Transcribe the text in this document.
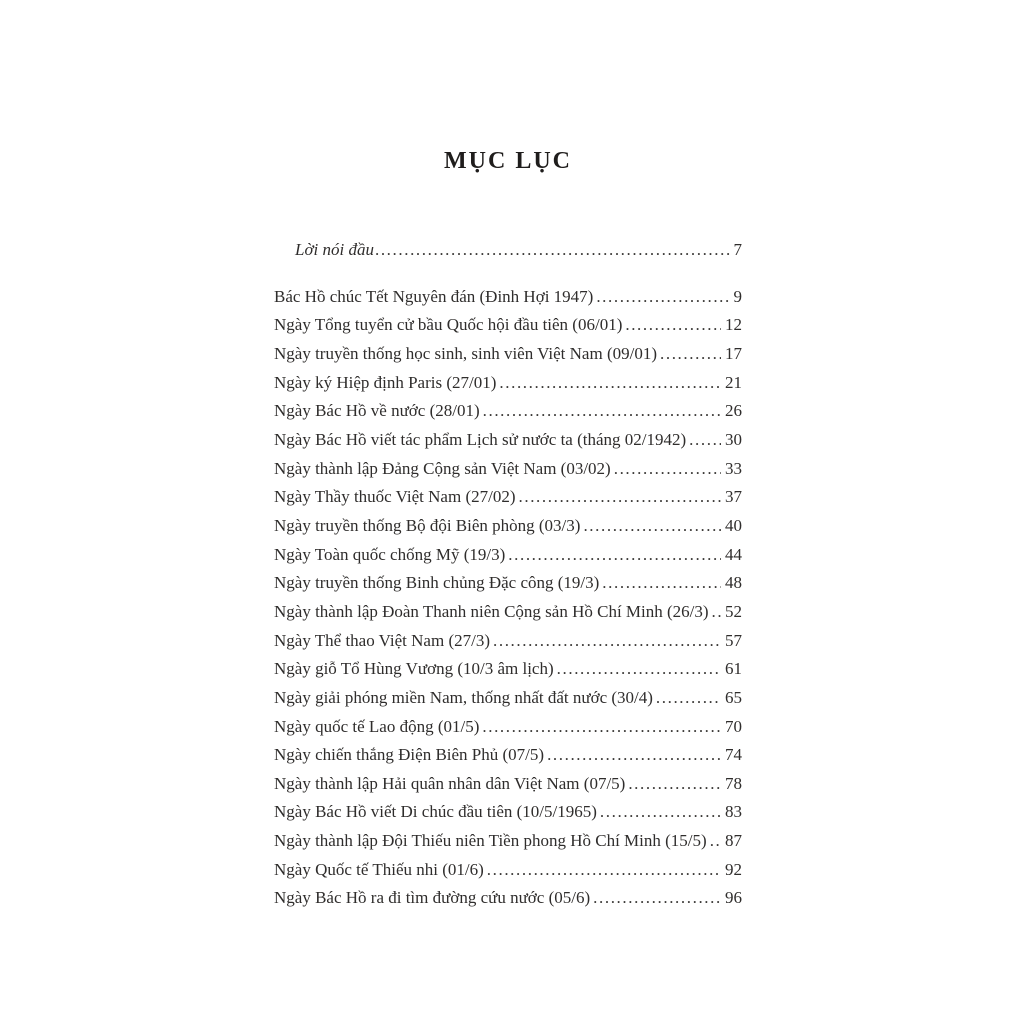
MỤC LỤC
Lời nói đầu .....	7
Bác Hồ chúc Tết Nguyên đán (Đinh Hợi 1947) .....	9
Ngày Tổng tuyển cử bầu Quốc hội đầu tiên (06/01) .....	12
Ngày truyền thống học sinh, sinh viên Việt Nam (09/01) .....	17
Ngày ký Hiệp định Paris (27/01) .....	21
Ngày Bác Hồ về nước (28/01) .....	26
Ngày Bác Hồ viết tác phẩm Lịch sử nước ta (tháng 02/1942) ..... 30
Ngày thành lập Đảng Cộng sản Việt Nam (03/02) .....	33
Ngày Thầy thuốc Việt Nam (27/02) .....	37
Ngày truyền thống Bộ đội Biên phòng (03/3) .....	40
Ngày Toàn quốc chống Mỹ (19/3) .....	44
Ngày truyền thống Binh chủng Đặc công (19/3) .....	48
Ngày thành lập Đoàn Thanh niên Cộng sản Hồ Chí Minh (26/3) ..... 52
Ngày Thể thao Việt Nam (27/3) .....	57
Ngày giỗ Tổ Hùng Vương (10/3 âm lịch) .....	61
Ngày giải phóng miền Nam, thống nhất đất nước (30/4) .....	65
Ngày quốc tế Lao động (01/5) .....	70
Ngày chiến thắng Điện Biên Phủ (07/5) .....	74
Ngày thành lập Hải quân nhân dân Việt Nam (07/5) .....	78
Ngày Bác Hồ viết Di chúc đầu tiên (10/5/1965) .....	83
Ngày thành lập Đội Thiếu niên Tiền phong Hồ Chí Minh (15/5) ..... 87
Ngày Quốc tế Thiếu nhi (01/6) .....	92
Ngày Bác Hồ ra đi tìm đường cứu nước (05/6) .....	96
